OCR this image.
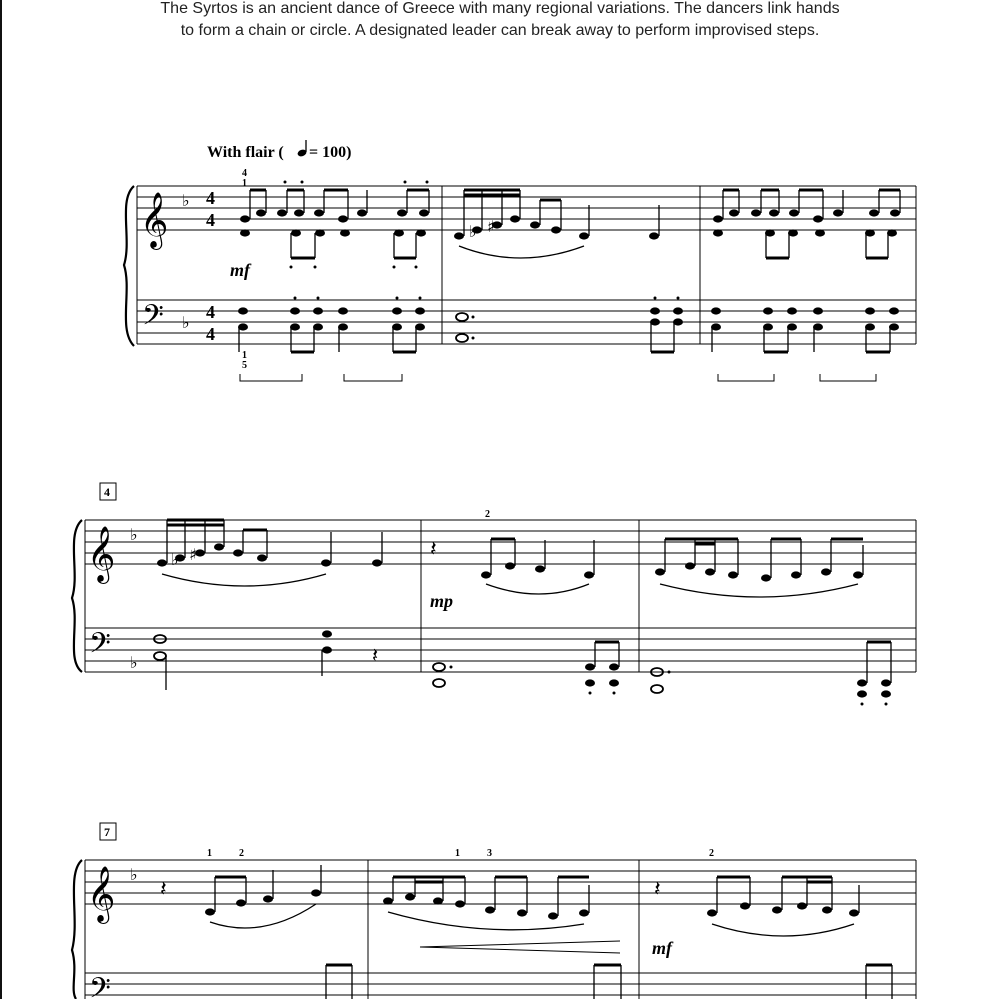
The Syrtos is an ancient dance of Greece with many regional variations. The dancers link hands
to form a chain or circle. A designated leader can break away to perform improvised steps.
With flair ( = 100)
𝄞
𝄢
♭
♭
4
4
4
4
4
1
mf
1
5
♭ ♯
4
𝄞
𝄢
♭
♭
♭ ♯
𝄽
𝄽
2
mp
7
𝄞
𝄢
♭
𝄽
1	2	1	3
𝄽
2
mf
